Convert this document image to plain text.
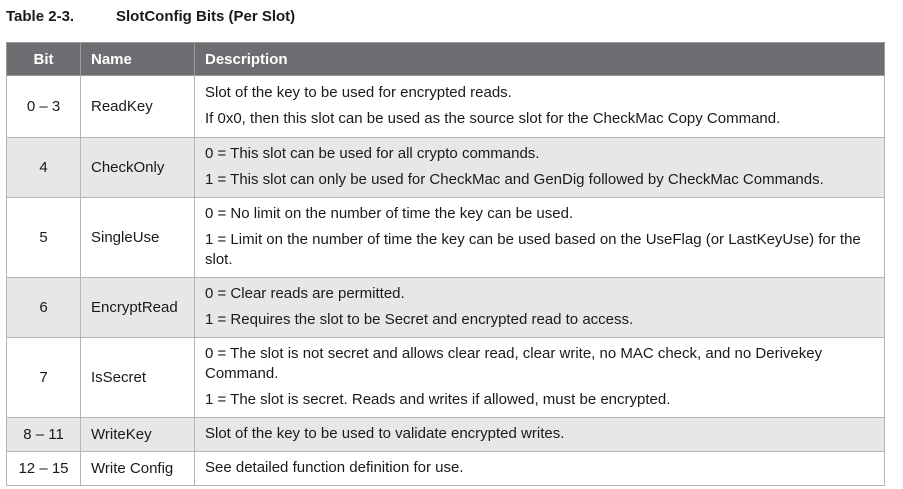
Table 2-3.	SlotConfig Bits (Per Slot)
Bit	Name	Description
0 – 3	ReadKey	Slot of the key to be used for encrypted reads.

If 0x0, then this slot can be used as the source slot for the CheckMac Copy Command.

4	CheckOnly	0 = This slot can be used for all crypto commands.

1 = This slot can only be used for CheckMac and GenDig followed by CheckMac Commands.

5	SingleUse	0 = No limit on the number of time the key can be used.

1 = Limit on the number of time the key can be used based on the UseFlag (or LastKeyUse) for the slot.

6	EncryptRead	0 = Clear reads are permitted.

1 = Requires the slot to be Secret and encrypted read to access.

7	IsSecret	0 = The slot is not secret and allows clear read, clear write, no MAC check, and no Derivekey Command.

1 = The slot is secret. Reads and writes if allowed, must be encrypted.

8 – 11	WriteKey	Slot of the key to be used to validate encrypted writes.

12 – 15	Write Config	See detailed function definition for use.
